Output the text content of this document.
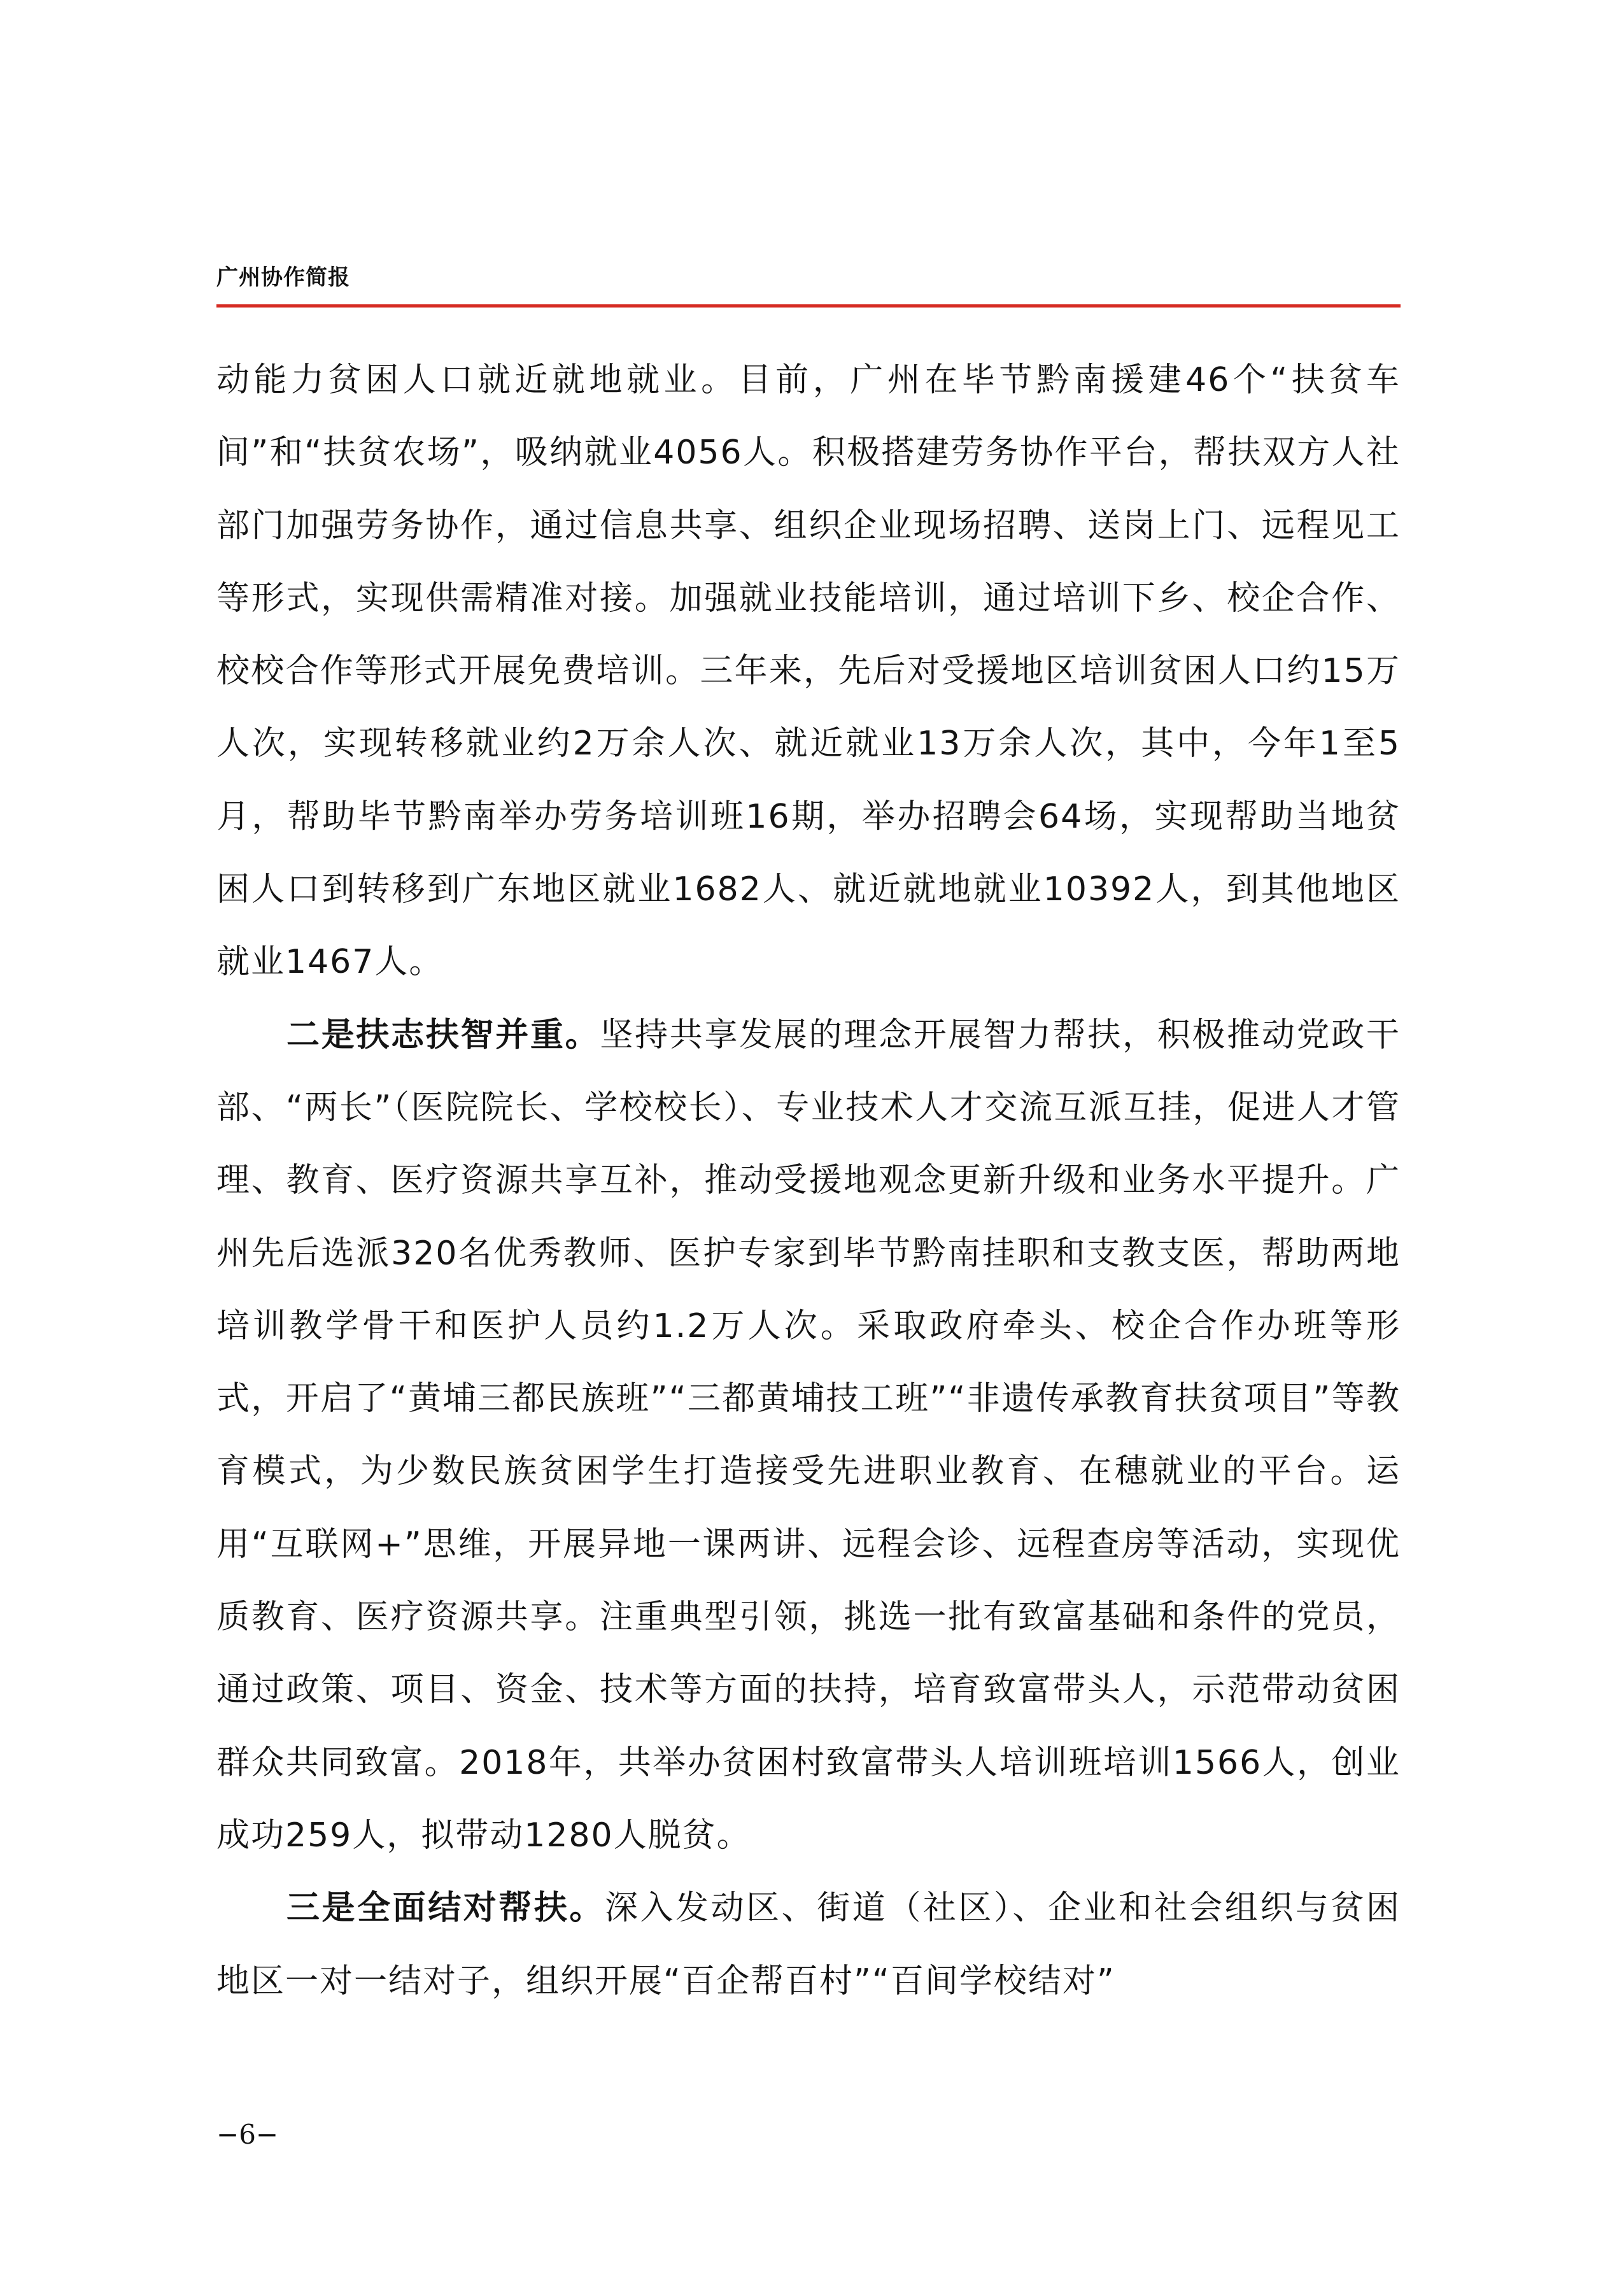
广州协作简报

动能力贫困人口就近就地就业。目前，广州在毕节黔南援建46个“扶贫车间”和“扶贫农场”，吸纳就业4056人。积极搭建劳务协作平台，帮扶双方人社部门加强劳务协作，通过信息共享、组织企业现场招聘、送岗上门、远程见工等形式，实现供需精准对接。加强就业技能培训，通过培训下乡、校企合作、校校合作等形式开展免费培训。三年来，先后对受援地区培训贫困人口约15万人次，实现转移就业约2万余人次、就近就业13万余人次，其中，今年1至5月，帮助毕节黔南举办劳务培训班16期，举办招聘会64场，实现帮助当地贫困人口到转移到广东地区就业1682人、就近就地就业10392人，到其他地区就业1467人。

二是扶志扶智并重。坚持共享发展的理念开展智力帮扶，积极推动党政干部、“两长”（医院院长、学校校长）、专业技术人才交流互派互挂，促进人才管理、教育、医疗资源共享互补，推动受援地观念更新升级和业务水平提升。广州先后选派320名优秀教师、医护专家到毕节黔南挂职和支教支医，帮助两地培训教学骨干和医护人员约1.2万人次。采取政府牵头、校企合作办班等形式，开启了“黄埔三都民族班”“三都黄埔技工班”“非遗传承教育扶贫项目”等教育模式，为少数民族贫困学生打造接受先进职业教育、在穗就业的平台。运用“互联网+”思维，开展异地一课两讲、远程会诊、远程查房等活动，实现优质教育、医疗资源共享。注重典型引领，挑选一批有致富基础和条件的党员，通过政策、项目、资金、技术等方面的扶持，培育致富带头人，示范带动贫困群众共同致富。2018年，共举办贫困村致富带头人培训班培训1566人，创业成功259人，拟带动1280人脱贫。

三是全面结对帮扶。深入发动区、街道（社区）、企业和社会组织与贫困地区一对一结对子，组织开展“百企帮百村”“百间学校结对”

−6−
